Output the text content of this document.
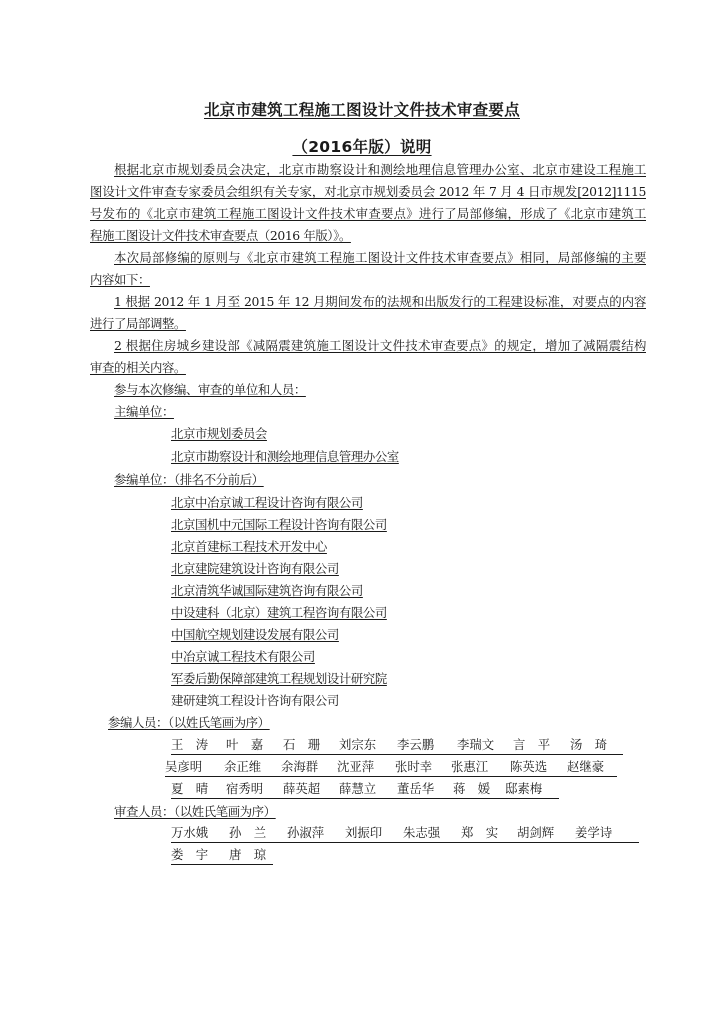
北京市建筑工程施工图设计文件技术审查要点
（2016年版）说明
根据北京市规划委员会决定，北京市勘察设计和测绘地理信息管理办公室、北京市建设工程施工
图设计文件审查专家委员会组织有关专家，对北京市规划委员会 2012 年 7 月 4 日市规发[2012]1115
号发布的《北京市建筑工程施工图设计文件技术审查要点》进行了局部修编，形成了《北京市建筑工
程施工图设计文件技术审查要点（2016 年版）》。
本次局部修编的原则与《北京市建筑工程施工图设计文件技术审查要点》相同，局部修编的主要
内容如下：
1 根据 2012 年 1 月至 2015 年 12 月期间发布的法规和出版发行的工程建设标准，对要点的内容
进行了局部调整。
2 根据住房城乡建设部《减隔震建筑施工图设计文件技术审查要点》的规定，增加了减隔震结构
审查的相关内容。
参与本次修编、审查的单位和人员：
主编单位：
北京市规划委员会
北京市勘察设计和测绘地理信息管理办公室
参编单位：（排名不分前后）
北京中冶京诚工程设计咨询有限公司
北京国机中元国际工程设计咨询有限公司
北京首建标工程技术开发中心
北京建院建筑设计咨询有限公司
北京清筑华诚国际建筑咨询有限公司
中设建科（北京）建筑工程咨询有限公司
中国航空规划建设发展有限公司
中冶京诚工程技术有限公司
军委后勤保障部建筑工程规划设计研究院
建研建筑工程设计咨询有限公司
参编人员：（以姓氏笔画为序）
王　涛 叶　嘉 石　珊 刘宗东 李云鹏 李瑞文 言　平 汤　琦
吴彦明 余正维 余海群 沈亚萍 张时幸 张惠江 陈英选 赵继豪
夏　晴 宿秀明 薛英超 薛慧立 董岳华 蒋　媛 邸素梅
审查人员：（以姓氏笔画为序）
万水娥 孙　兰 孙淑萍 刘振印 朱志强 郑　实 胡剑辉 姜学诗
娄　宇 唐　琼
